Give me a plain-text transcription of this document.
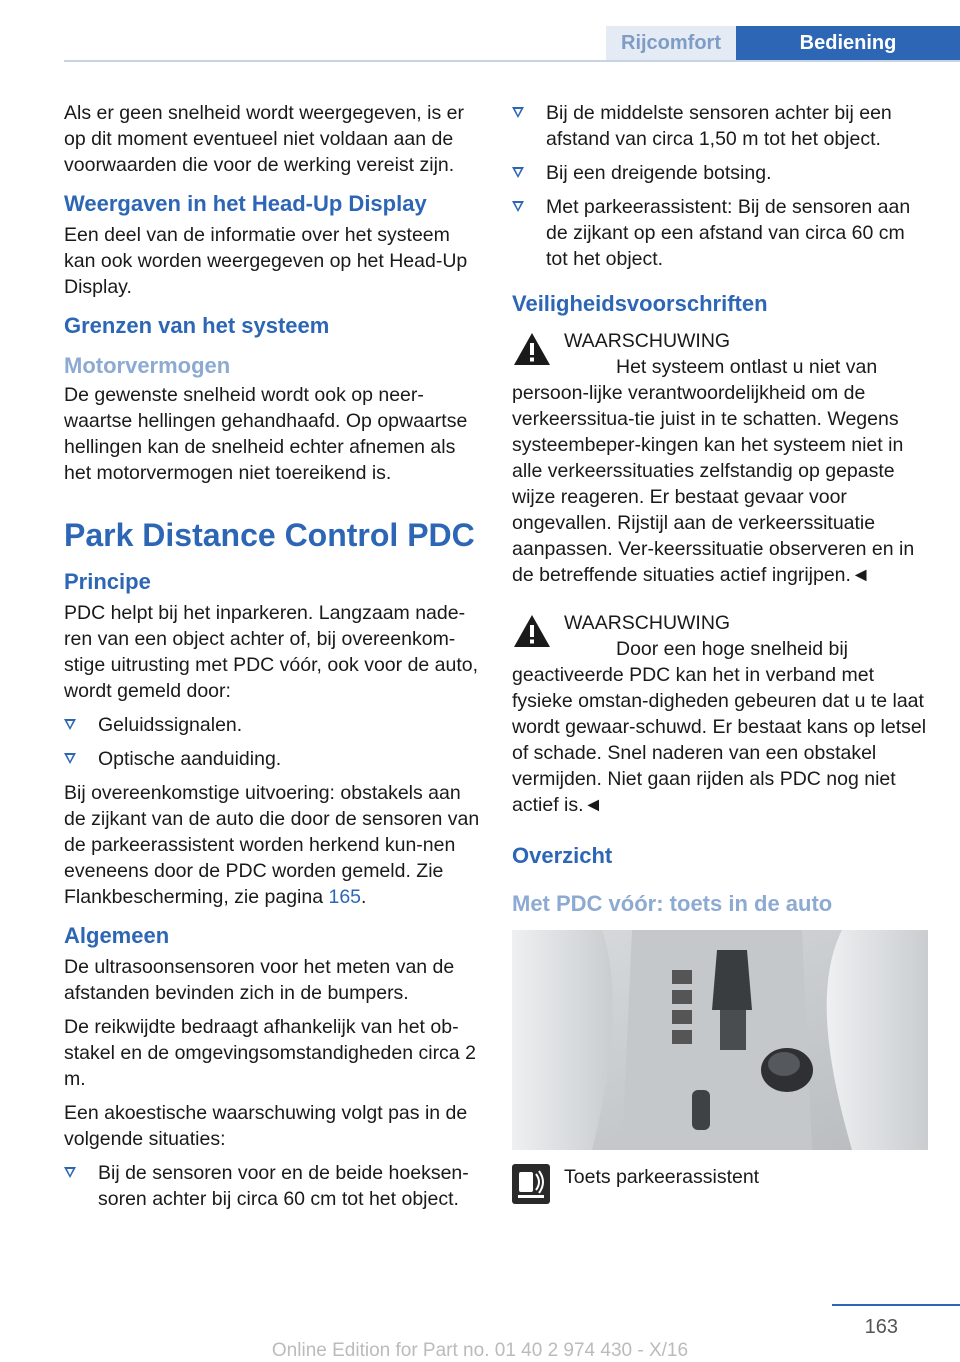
Rijcomfort	Bediening

Als er geen snelheid wordt weergegeven, is er op dit moment eventueel niet voldaan aan de voorwaarden die voor de werking vereist zijn.

Weergaven in het Head-Up Display

Een deel van de informatie over het systeem kan ook worden weergegeven op het Head-Up Display.

Grenzen van het systeem
Motorvermogen

De gewenste snelheid wordt ook op neer-waartse hellingen gehandhaafd. Op opwaartse hellingen kan de snelheid echter afnemen als het motorvermogen niet toereikend is.

Park Distance Control PDC
Principe

PDC helpt bij het inparkeren. Langzaam nade-ren van een object achter of, bij overeenkom-stige uitrusting met PDC vóór, ook voor de auto, wordt gemeld door:

Geluidssignalen.
Optische aanduiding.

Bij overeenkomstige uitvoering: obstakels aan de zijkant van de auto die door de sensoren van de parkeerassistent worden herkend kun-nen eveneens door de PDC worden gemeld. Zie Flankbescherming, zie pagina 165.

Algemeen

De ultrasoonsensoren voor het meten van de afstanden bevinden zich in de bumpers.

De reikwijdte bedraagt afhankelijk van het ob-stakel en de omgevingsomstandigheden circa 2 m.

Een akoestische waarschuwing volgt pas in de volgende situaties:

Bij de sensoren voor en de beide hoeksen-soren achter bij circa 60 cm tot het object.
Bij de middelste sensoren achter bij een afstand van circa 1,50 m tot het object.
Bij een dreigende botsing.
Met parkeerassistent: Bij de sensoren aan de zijkant op een afstand van circa 60 cm tot het object.
Veiligheidsvoorschriften
WAARSCHUWING

Het systeem ontlast u niet van persoon-lijke verantwoordelijkheid om de verkeerssitua-tie juist in te schatten. Wegens systeembeper-kingen kan het systeem niet in alle verkeerssituaties zelfstandig op gepaste wijze reageren. Er bestaat gevaar voor ongevallen. Rijstijl aan de verkeerssituatie aanpassen. Ver-keerssituatie observeren en in de betreffende situaties actief ingrijpen.◄

WAARSCHUWING

Door een hoge snelheid bij geactiveerde PDC kan het in verband met fysieke omstan-digheden gebeuren dat u te laat wordt gewaar-schuwd. Er bestaat kans op letsel of schade. Snel naderen van een obstakel vermijden. Niet gaan rijden als PDC nog niet actief is.◄

Overzicht
Met PDC vóór: toets in de auto

Toets parkeerassistent

163
Online Edition for Part no. 01 40 2 974 430 - X/16
